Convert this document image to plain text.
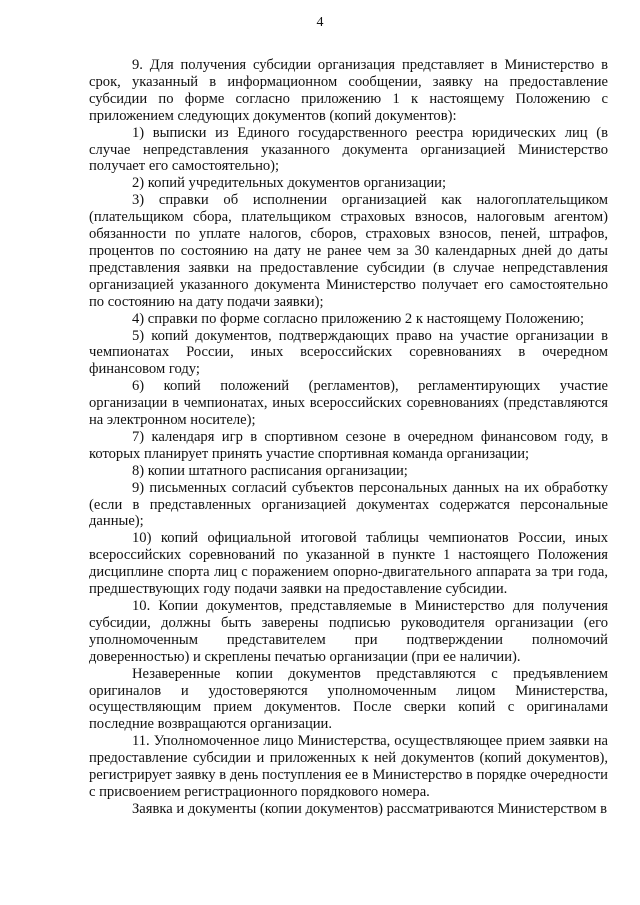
4

9. Для получения субсидии организация представляет в Министерство в срок, указанный в информационном сообщении, заявку на предоставление субсидии по форме согласно приложению 1 к настоящему Положению с приложением следующих документов (копий документов):

1) выписки из Единого государственного реестра юридических лиц (в случае непредставления указанного документа организацией Министерство получает его самостоятельно);

2) копий учредительных документов организации;

3) справки об исполнении организацией как налогоплательщиком (плательщиком сбора, плательщиком страховых взносов, налоговым агентом) обязанности по уплате налогов, сборов, страховых взносов, пеней, штрафов, процентов по состоянию на дату не ранее чем за 30 календарных дней до даты представления заявки на предоставление субсидии (в случае непредставления организацией указанного документа Министерство получает его самостоятельно по состоянию на дату подачи заявки);

4) справки по форме согласно приложению 2 к настоящему Положению;

5) копий документов, подтверждающих право на участие организации в чемпионатах России, иных всероссийских соревнованиях в очередном финансовом году;

6) копий положений (регламентов), регламентирующих участие организации в чемпионатах, иных всероссийских соревнованиях (представляются на электронном носителе);

7) календаря игр в спортивном сезоне в очередном финансовом году, в которых планирует принять участие спортивная команда организации;

8) копии штатного расписания организации;

9) письменных согласий субъектов персональных данных на их обработку (если в представленных организацией документах содержатся персональные данные);

10) копий официальной итоговой таблицы чемпионатов России, иных всероссийских соревнований по указанной в пункте 1 настоящего Положения дисциплине спорта лиц с поражением опорно-двигательного аппарата за три года, предшествующих году подачи заявки на предоставление субсидии.

10. Копии документов, представляемые в Министерство для получения субсидии, должны быть заверены подписью руководителя организации (его уполномоченным представителем при подтверждении полномочий доверенностью) и скреплены печатью организации (при ее наличии).

Незаверенные копии документов представляются с предъявлением оригиналов и удостоверяются уполномоченным лицом Министерства, осуществляющим прием документов. После сверки копий с оригиналами последние возвращаются организации.

11. Уполномоченное лицо Министерства, осуществляющее прием заявки на предоставление субсидии и приложенных к ней документов (копий документов), регистрирует заявку в день поступления ее в Министерство в порядке очередности с присвоением регистрационного порядкового номера.

Заявка и документы (копии документов) рассматриваются Министерством в
